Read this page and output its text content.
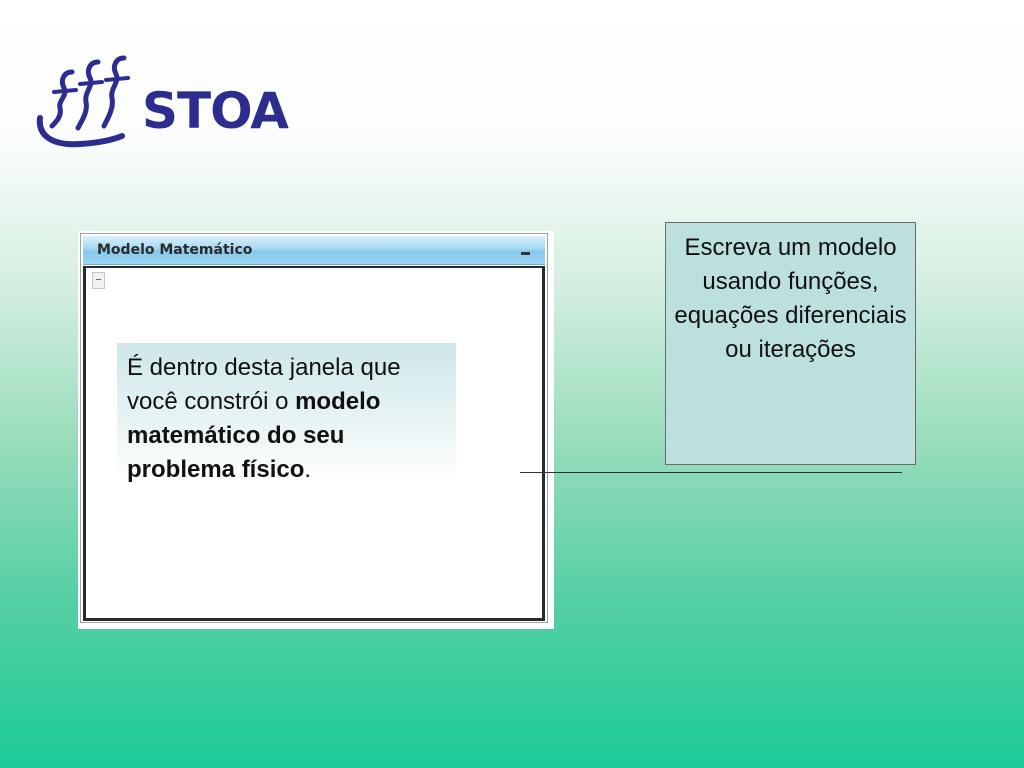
STOA
Modelo Matemático
É dentro desta janela que você constrói o modelo matemático do seu problema físico.
Escreva um modelo usando funções, equações diferenciais ou iterações
